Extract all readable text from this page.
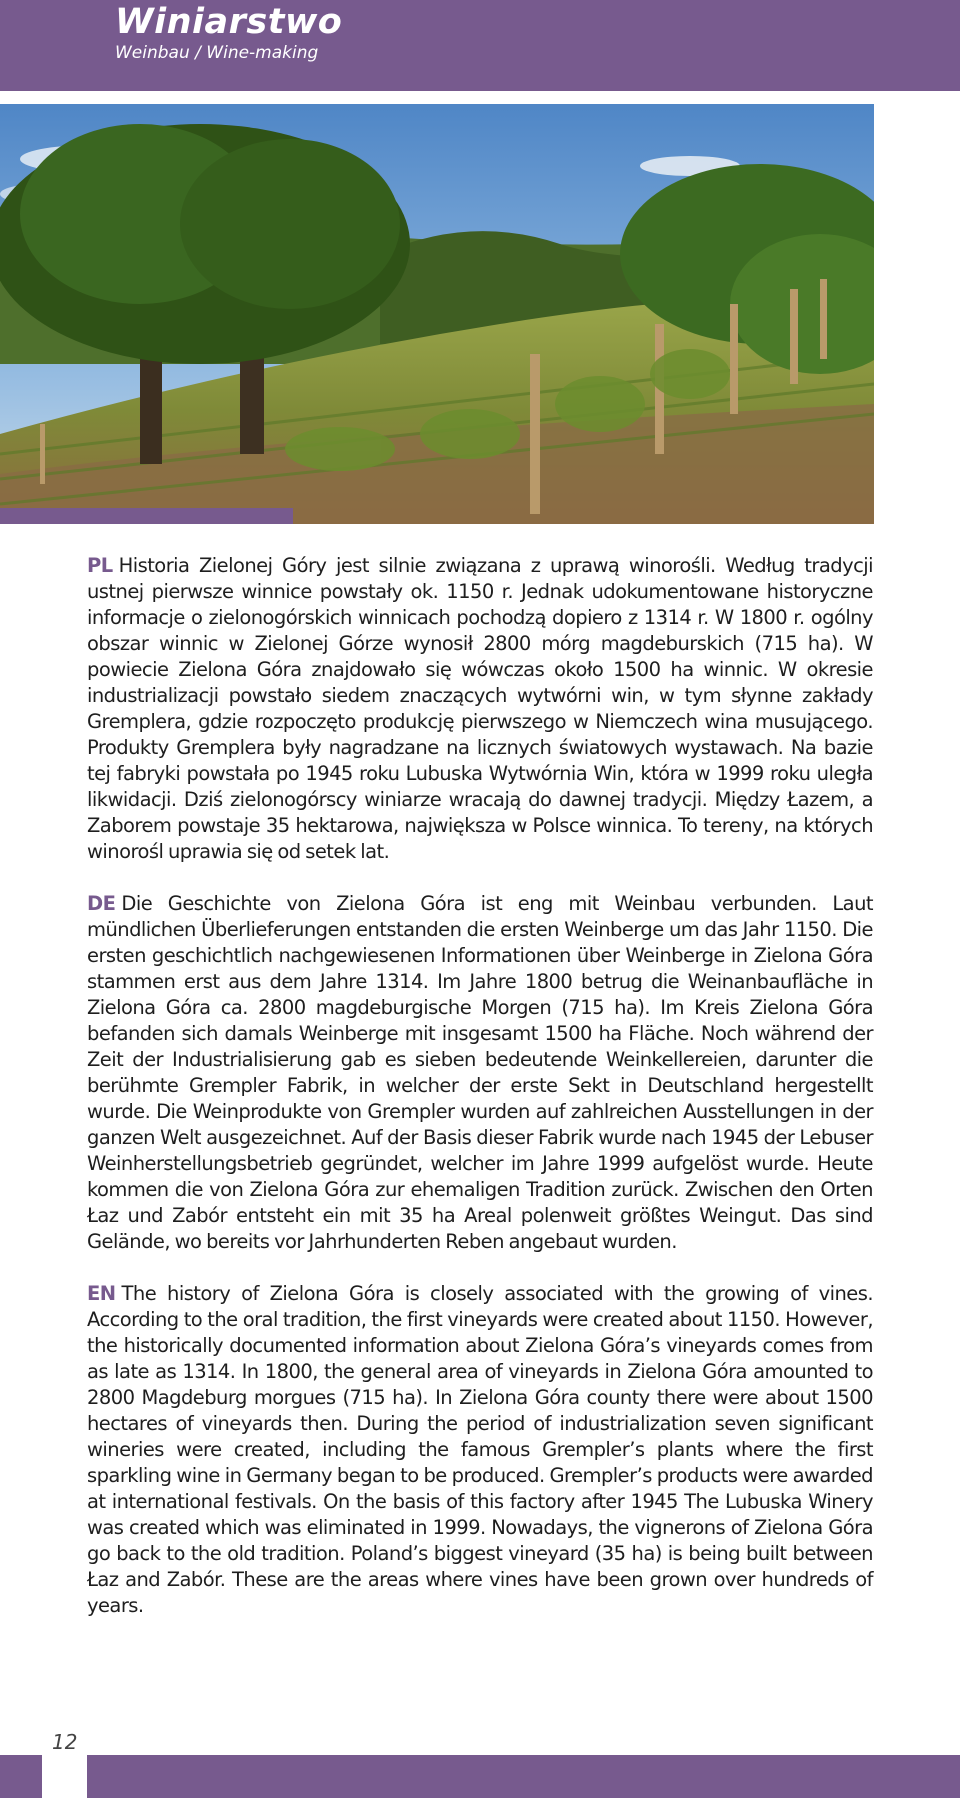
Winiarstwo
Weinbau / Wine-making

PL Historia Zielonej Góry jest silnie związana z uprawą winorośli. Według tradycji ustnej pierwsze winnice powstały ok. 1150 r. Jednak udokumentowane historyczne informacje o zielonogórskich winnicach pochodzą dopiero z 1314 r. W 1800 r. ogólny obszar winnic w Zielonej Górze wynosił 2800 mórg magdeburskich (715 ha). W powiecie Zielona Góra znajdowało się wówczas około 1500 ha winnic. W okresie industrializacji powstało siedem znaczących wytwórni win, w tym słynne zakłady Gremplera, gdzie rozpoczęto produkcję pierwszego w Niemczech wina musującego. Produkty Gremplera były nagradzane na licznych światowych wystawach. Na bazie tej fabryki powstała po 1945 roku Lubuska Wytwórnia Win, która w 1999 roku uległa likwidacji. Dziś zielonogórscy winiarze wracają do dawnej tradycji. Między Łazem, a Zaborem powstaje 35 hektarowa, największa w Polsce winnica. To tereny, na których winorośl uprawia się od setek lat.

DE Die Geschichte von Zielona Góra ist eng mit Weinbau verbunden. Laut mündlichen Überlieferungen entstanden die ersten Weinberge um das Jahr 1150. Die ersten geschichtlich nachgewiesenen Informationen über Weinberge in Zielona Góra stammen erst aus dem Jahre 1314. Im Jahre 1800 betrug die Weinanbaufläche in Zielona Góra ca. 2800 magdeburgische Morgen (715 ha). Im Kreis Zielona Góra befanden sich damals Weinberge mit insgesamt 1500 ha Fläche. Noch während der Zeit der Industrialisierung gab es sieben bedeutende Weinkellereien, darunter die berühmte Grempler Fabrik, in welcher der erste Sekt in Deutschland hergestellt wurde. Die Weinprodukte von Grempler wurden auf zahlreichen Ausstellungen in der ganzen Welt ausgezeichnet. Auf der Basis dieser Fabrik wurde nach 1945 der Lebuser Weinherstellungsbetrieb gegründet, welcher im Jahre 1999 aufgelöst wurde. Heute kommen die von Zielona Góra zur ehemaligen Tradition zurück. Zwischen den Orten Łaz und Zabór entsteht ein mit 35 ha Areal polenweit größtes Weingut. Das sind Gelände, wo bereits vor Jahrhunderten Reben angebaut wurden.

EN The history of Zielona Góra is closely associated with the growing of vines. According to the oral tradition, the first vineyards were created about 1150. However, the historically documented information about Zielona Góra’s vineyards comes from as late as 1314. In 1800, the general area of vineyards in Zielona Góra amounted to 2800 Magdeburg morgues (715 ha). In Zielona Góra county there were about 1500 hectares of vineyards then. During the period of industrialization seven significant wineries were created, including the famous Grempler’s plants where the first sparkling wine in Germany began to be produced. Grempler’s products were awarded at international festivals. On the basis of this factory after 1945 The Lubuska Winery was created which was eliminated in 1999. Nowadays, the vignerons of Zielona Góra go back to the old tradition. Poland’s biggest vineyard (35 ha) is being built between Łaz and Zabór. These are the areas where vines have been grown over hundreds of years.

12
